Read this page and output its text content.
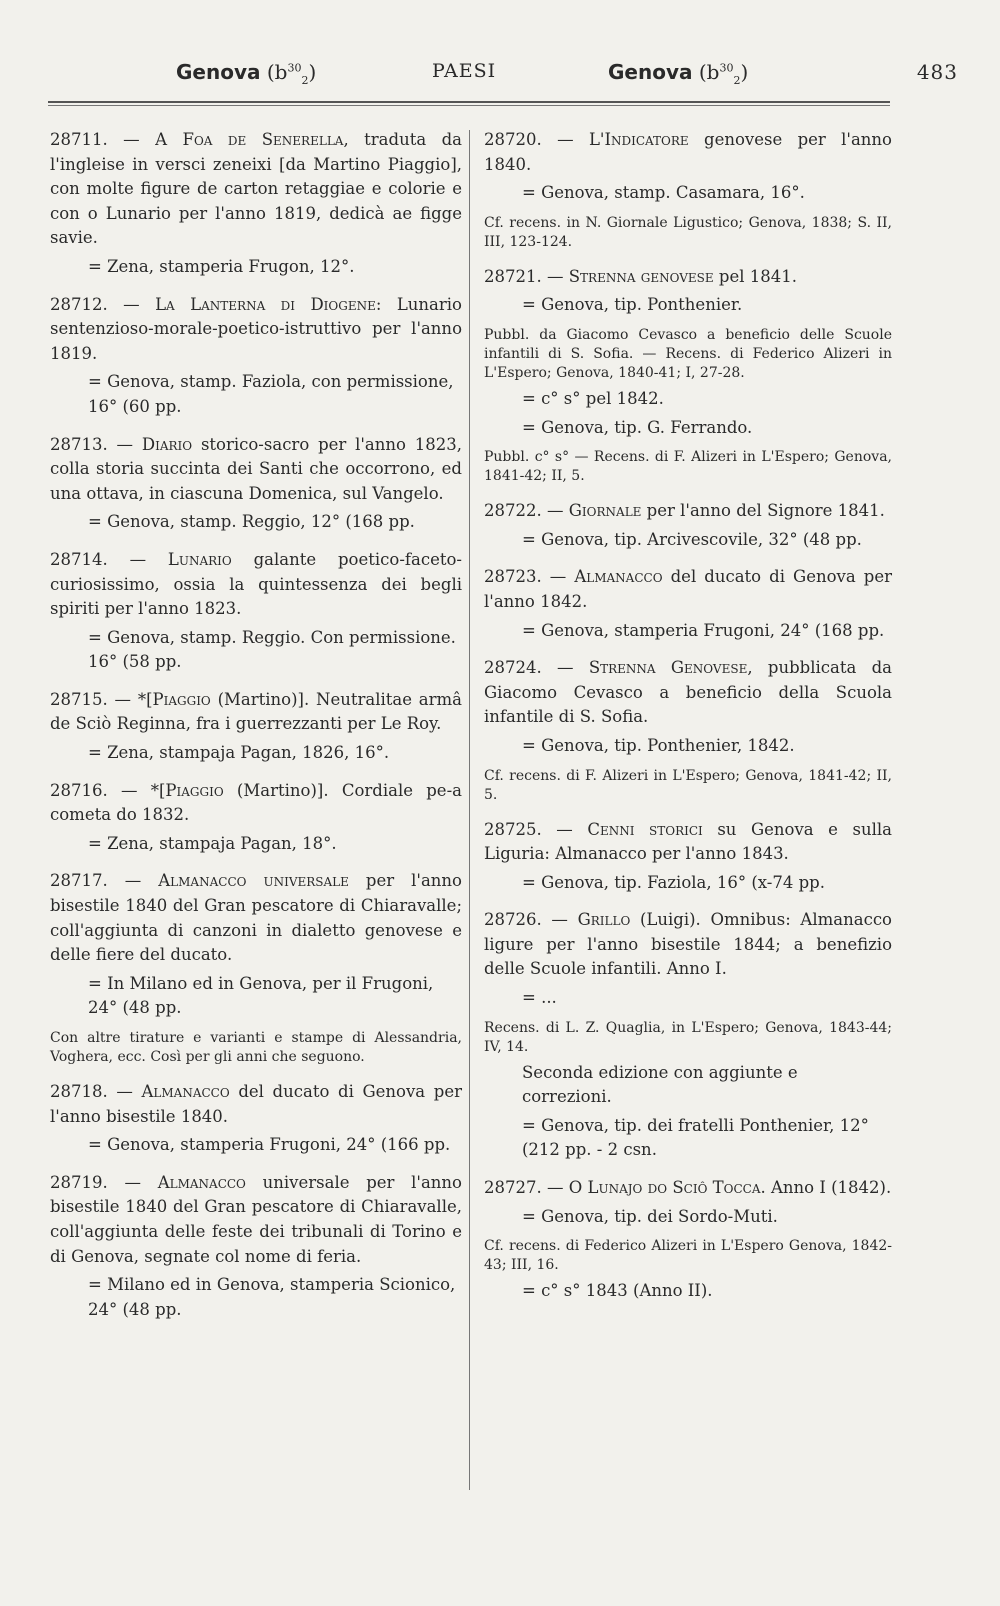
Genova $(b^{30}_2)$	PAESI	Genova $(b^{30}_2)$	483
28711. — A Foa de Senerella, traduta da l'ingleise in versci zeneixi [da Martino Piaggio], con molte figure de carton retaggiae e colorie e con o Lunario per l'anno 1819, dedicà ae figge savie.
= Zena, stamperia Frugon, 12°.
28712. — La Lanterna di Diogene: Lunario sentenzioso-morale-poetico-istruttivo per l'anno 1819.
= Genova, stamp. Faziola, con permissione, 16° (60 pp.
28713. — Diario storico-sacro per l'anno 1823, colla storia succinta dei Santi che occorrono, ed una ottava, in ciascuna Domenica, sul Vangelo.
= Genova, stamp. Reggio, 12° (168 pp.
28714. — Lunario galante poetico-faceto-curiosissimo, ossia la quintessenza dei begli spiriti per l'anno 1823.
= Genova, stamp. Reggio. Con permissione. 16° (58 pp.
28715. — *[Piaggio (Martino)]. Neutralitae armâ de Sciò Reginna, fra i guerrezzanti per Le Roy.
= Zena, stampaja Pagan, 1826, 16°.
28716. — *[Piaggio (Martino)]. Cordiale pe-a cometa do 1832.
= Zena, stampaja Pagan, 18°.
28717. — Almanacco universale per l'anno bisestile 1840 del Gran pescatore di Chiaravalle; coll'aggiunta di canzoni in dialetto genovese e delle fiere del ducato.
= In Milano ed in Genova, per il Frugoni, 24° (48 pp.
Con altre tirature e varianti e stampe di Alessandria, Voghera, ecc. Così per gli anni che seguono.
28718. — Almanacco del ducato di Genova per l'anno bisestile 1840.
= Genova, stamperia Frugoni, 24° (166 pp.
28719. — Almanacco universale per l'anno bisestile 1840 del Gran pescatore di Chiaravalle, coll'aggiunta delle feste dei tribunali di Torino e di Genova, segnate col nome di feria.
= Milano ed in Genova, stamperia Scionico, 24° (48 pp.
28720. — L'Indicatore genovese per l'anno 1840.
= Genova, stamp. Casamara, 16°.
Cf. recens. in N. Giornale Ligustico; Genova, 1838; S. II, III, 123-124.
28721. — Strenna genovese pel 1841.
= Genova, tip. Ponthenier.
Pubbl. da Giacomo Cevasco a beneficio delle Scuole infantili di S. Sofia. — Recens. di Federico Alizeri in L'Espero; Genova, 1840-41; I, 27-28.
= c° s° pel 1842.
= Genova, tip. G. Ferrando.
Pubbl. c° s° — Recens. di F. Alizeri in L'Espero; Genova, 1841-42; II, 5.
28722. — Giornale per l'anno del Signore 1841.
= Genova, tip. Arcivescovile, 32° (48 pp.
28723. — Almanacco del ducato di Genova per l'anno 1842.
= Genova, stamperia Frugoni, 24° (168 pp.
28724. — Strenna Genovese, pubblicata da Giacomo Cevasco a beneficio della Scuola infantile di S. Sofia.
= Genova, tip. Ponthenier, 1842.
Cf. recens. di F. Alizeri in L'Espero; Genova, 1841-42; II, 5.
28725. — Cenni storici su Genova e sulla Liguria: Almanacco per l'anno 1843.
= Genova, tip. Faziola, 16° (x-74 pp.
28726. — Grillo (Luigi). Omnibus: Almanacco ligure per l'anno bisestile 1844; a benefizio delle Scuole infantili. Anno I.
= ...
Recens. di L. Z. Quaglia, in L'Espero; Genova, 1843-44; IV, 14.
Seconda edizione con aggiunte e correzioni.
= Genova, tip. dei fratelli Ponthenier, 12° (212 pp. - 2 csn.
28727. — O Lunajo do Sciô Tocca. Anno I (1842).
= Genova, tip. dei Sordo-Muti.
Cf. recens. di Federico Alizeri in L'Espero Genova, 1842-43; III, 16.
= c° s° 1843 (Anno II).
